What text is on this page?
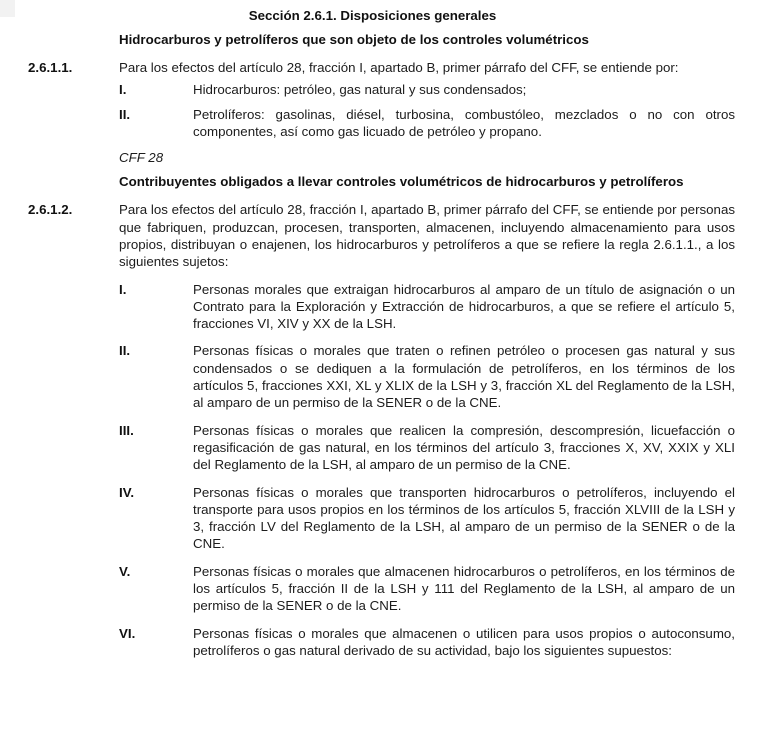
Sección 2.6.1. Disposiciones generales
Hidrocarburos y petrolíferos que son objeto de los controles volumétricos
2.6.1.1.	Para los efectos del artículo 28, fracción I, apartado B, primer párrafo del CFF, se entiende por:

I.	Hidrocarburos: petróleo, gas natural y sus condensados;
II.	Petrolíferos: gasolinas, diésel, turbosina, combustóleo, mezclados o no con otros componentes, así como gas licuado de petróleo y propano.

CFF 28

Contribuyentes obligados a llevar controles volumétricos de hidrocarburos y petrolíferos
2.6.1.2.	Para los efectos del artículo 28, fracción I, apartado B, primer párrafo del CFF, se entiende por personas que fabriquen, produzcan, procesen, transporten, almacenen, incluyendo almacenamiento para usos propios, distribuyan o enajenen, los hidrocarburos y petrolíferos a que se refiere la regla 2.6.1.1., a los siguientes sujetos:

I.	Personas morales que extraigan hidrocarburos al amparo de un título de asignación o un Contrato para la Exploración y Extracción de hidrocarburos, a que se refiere el artículo 5, fracciones VI, XIV y XX de la LSH.
II.	Personas físicas o morales que traten o refinen petróleo o procesen gas natural y sus condensados o se dediquen a la formulación de petrolíferos, en los términos de los artículos 5, fracciones XXI, XL y XLIX de la LSH y 3, fracción XL del Reglamento de la LSH, al amparo de un permiso de la SENER o de la CNE.
III.	Personas físicas o morales que realicen la compresión, descompresión, licuefacción o regasificación de gas natural, en los términos del artículo 3, fracciones X, XV, XXIX y XLI del Reglamento de la LSH, al amparo de un permiso de la CNE.
IV.	Personas físicas o morales que transporten hidrocarburos o petrolíferos, incluyendo el transporte para usos propios en los términos de los artículos 5, fracción XLVIII de la LSH y 3, fracción LV del Reglamento de la LSH, al amparo de un permiso de la SENER o de la CNE.
V.	Personas físicas o morales que almacenen hidrocarburos o petrolíferos, en los términos de los artículos 5, fracción II de la LSH y 111 del Reglamento de la LSH, al amparo de un permiso de la SENER o de la CNE.
VI.	Personas físicas o morales que almacenen o utilicen para usos propios o autoconsumo, petrolíferos o gas natural derivado de su actividad, bajo los siguientes supuestos:
